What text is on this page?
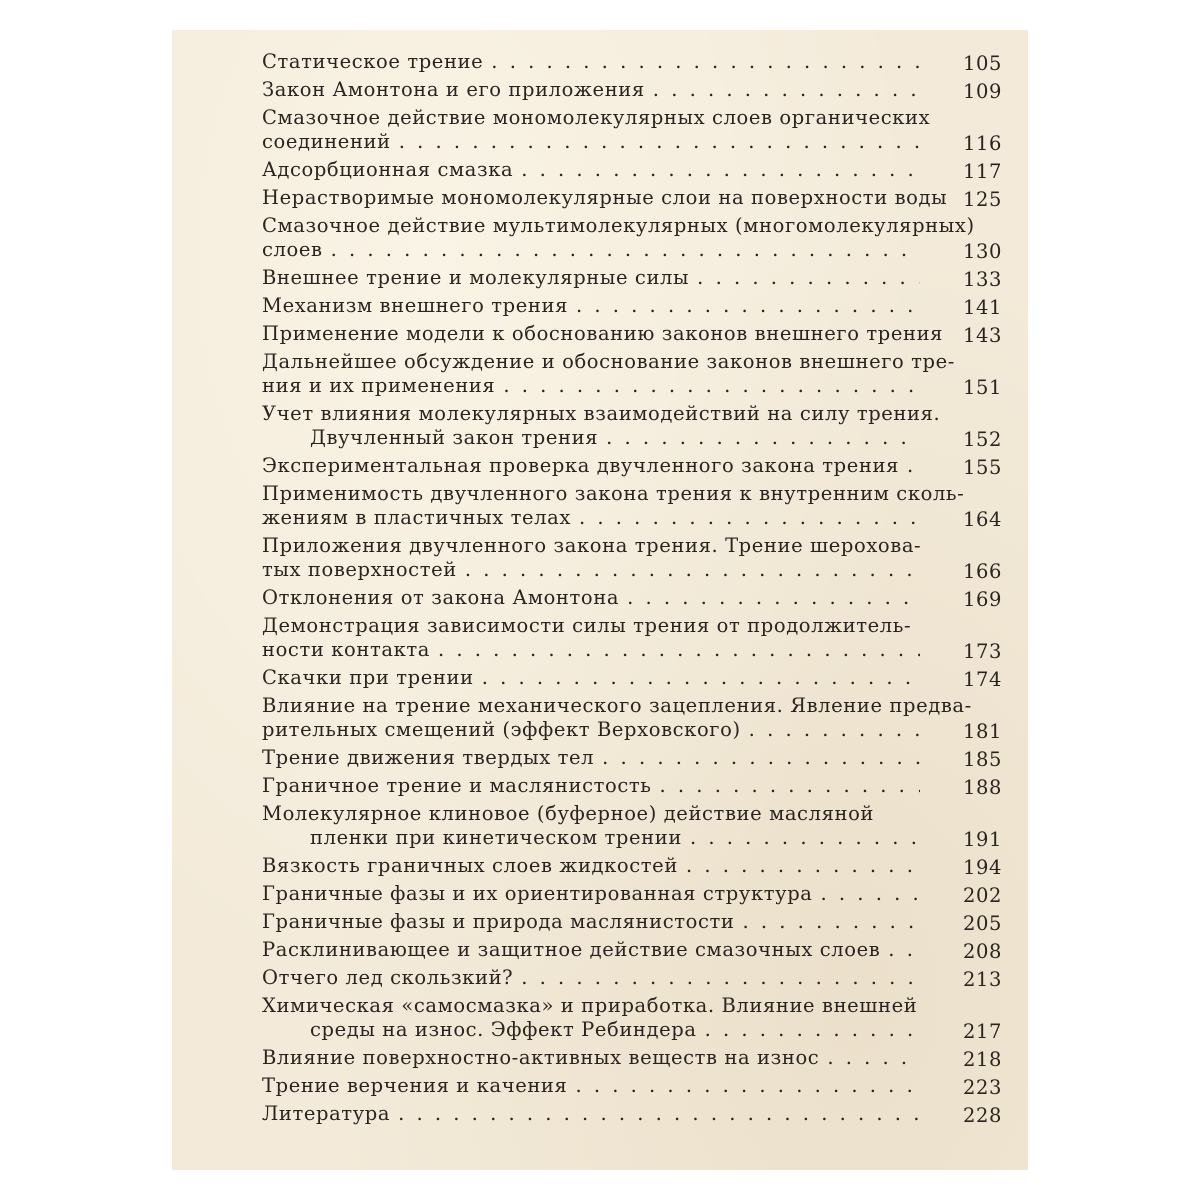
Статическое трение . . .	105
Закон Амонтона и его приложения . . .	109
Смазочное действие мономолекулярных слоев органических
соединений . . .	116
Адсорбционная смазка . . .	117
Нерастворимые мономолекулярные слои на поверхности воды 125
Смазочное действие мультимолекулярных (многомолекулярных)
слоев . . .	130
Внешнее трение и молекулярные силы . . .	133
Механизм внешнего трения . . .	141
Применение модели к обоснованию законов внешнего трения	143
Дальнейшее обсуждение и обоснование законов внешнего тре-
ния и их применения . . .	151
Учет влияния молекулярных взаимодействий на силу трения.
Двучленный закон трения . . .	152
Экспериментальная проверка двучленного закона трения . . .	155
Применимость двучленного закона трения к внутренним сколь-
жениям в пластичных телах . . .	164
Приложения двучленного закона трения. Трение шерохова-
тых поверхностей . . .	166
Отклонения от закона Амонтона . . .	169
Демонстрация зависимости силы трения от продолжитель-
ности контакта . . .	173
Скачки при трении . . .	174
Влияние на трение механического зацепления. Явление предва-
рительных смещений (эффект Верховского) . . .	181
Трение движения твердых тел . . .	185
Граничное трение и маслянистость . . .	188
Молекулярное клиновое (буферное) действие масляной
пленки при кинетическом трении . . .	191
Вязкость граничных слоев жидкостей . . .	194
Граничные фазы и их ориентированная структура . . .	202
Граничные фазы и природа маслянистости . . .	205
Расклинивающее и защитное действие смазочных слоев . . .	208
Отчего лед скользкий? . . .	213
Химическая «самосмазка» и приработка. Влияние внешней
среды на износ. Эффект Ребиндера . . .	217
Влияние поверхностно-активных веществ на износ . . .	218
Трение верчения и качения . . .	223
Литература . . .	228
